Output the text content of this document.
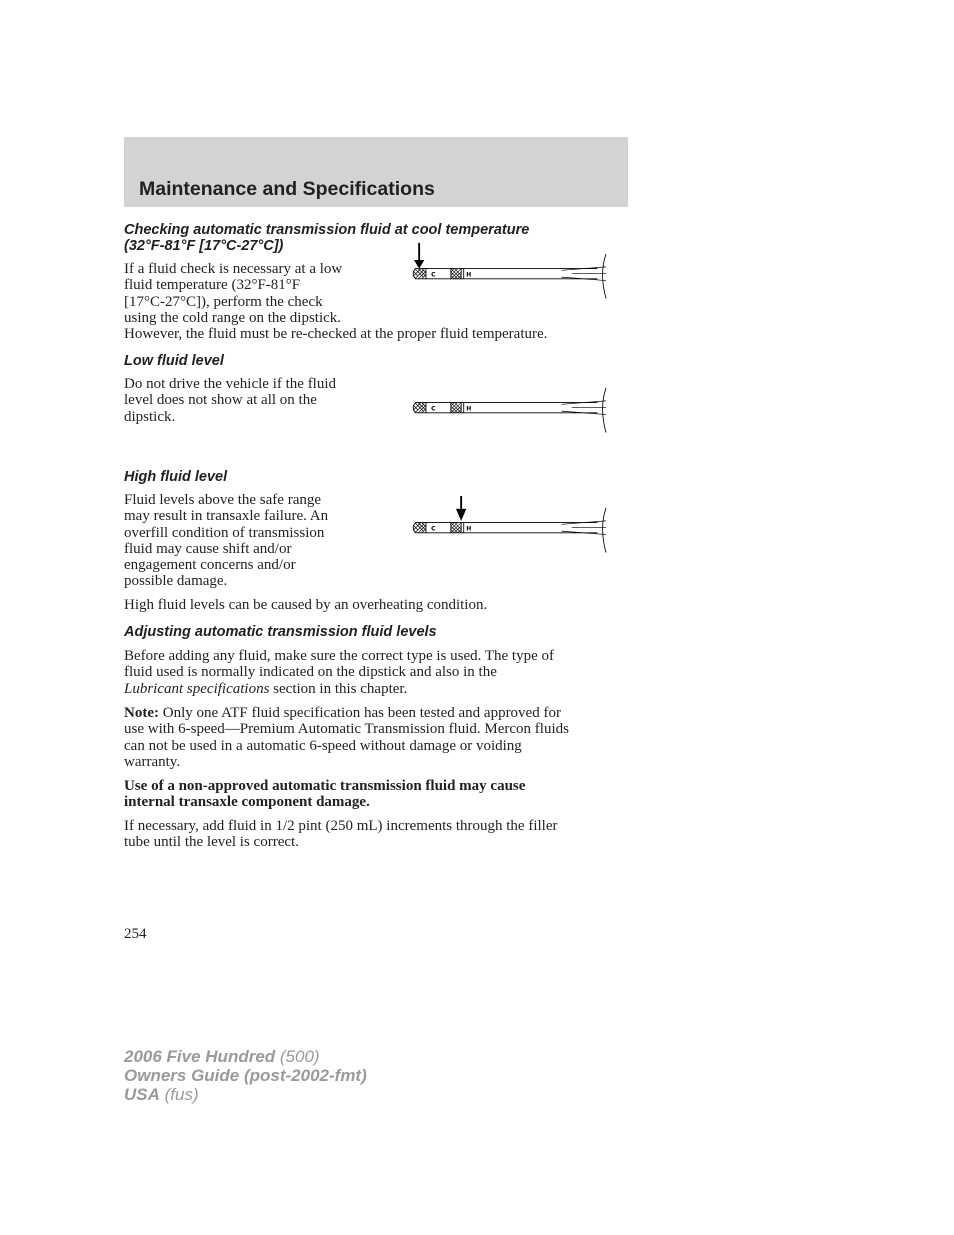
Maintenance and Specifications
Checking automatic transmission fluid at cool temperature
(32°F-81°F [17°C-27°C])
If a fluid check is necessary at a low
fluid temperature (32°F-81°F
[17°C-27°C]), perform the check
using the cold range on the dipstick.
However, the fluid must be re-checked at the proper fluid temperature.
C	H
Low fluid level
Do not drive the vehicle if the fluid
level does not show at all on the
dipstick.	C	H
High fluid level
Fluid levels above the safe range
may result in transaxle failure. An
overfill condition of transmission
fluid may cause shift and/or
engagement concerns and/or
possible damage.
C	H
High fluid levels can be caused by an overheating condition.
Adjusting automatic transmission fluid levels
Before adding any fluid, make sure the correct type is used. The type of
fluid used is normally indicated on the dipstick and also in the
Lubricant specifications section in this chapter.
Note: Only one ATF fluid specification has been tested and approved for
use with 6-speed—Premium Automatic Transmission fluid. Mercon fluids
can not be used in a automatic 6-speed without damage or voiding
warranty.
Use of a non-approved automatic transmission fluid may cause
internal transaxle component damage.
If necessary, add fluid in 1/2 pint (250 mL) increments through the filler
tube until the level is correct.
254
2006 Five Hundred (500)
Owners Guide (post-2002-fmt)
USA (fus)
